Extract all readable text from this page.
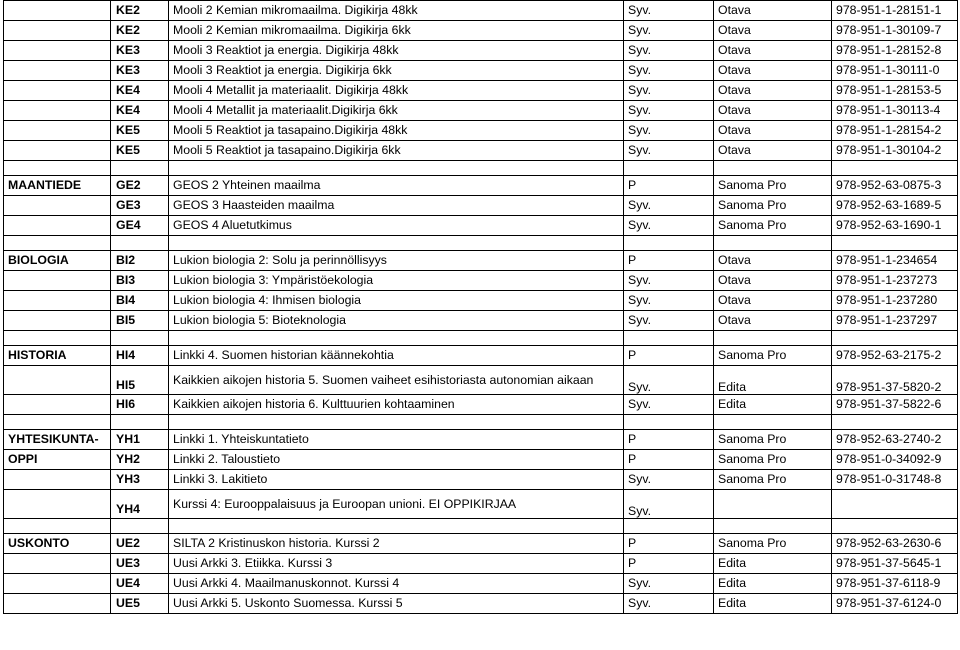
	KE2	Mooli 2 Kemian mikromaailma. Digikirja 48kk	Syv.	Otava	978-951-1-28151-1
	KE2	Mooli 2 Kemian mikromaailma. Digikirja 6kk	Syv.	Otava	978-951-1-30109-7
	KE3	Mooli 3 Reaktiot ja energia. Digikirja 48kk	Syv.	Otava	978-951-1-28152-8
	KE3	Mooli 3 Reaktiot ja energia. Digikirja 6kk	Syv.	Otava	978-951-1-30111-0
	KE4	Mooli 4 Metallit ja materiaalit. Digikirja 48kk	Syv.	Otava	978-951-1-28153-5
	KE4	Mooli 4 Metallit ja materiaalit.Digikirja 6kk	Syv.	Otava	978-951-1-30113-4
	KE5	Mooli 5 Reaktiot ja tasapaino.Digikirja 48kk	Syv.	Otava	978-951-1-28154-2
	KE5	Mooli 5 Reaktiot ja tasapaino.Digikirja 6kk	Syv.	Otava	978-951-1-30104-2

MAANTIEDE	GE2	GEOS 2 Yhteinen maailma	P	Sanoma Pro	978-952-63-0875-3
	GE3	GEOS 3 Haasteiden maailma	Syv.	Sanoma Pro	978-952-63-1689-5
	GE4	GEOS 4 Aluetutkimus	Syv.	Sanoma Pro	978-952-63-1690-1

BIOLOGIA	BI2	Lukion biologia 2: Solu ja perinnöllisyys	P	Otava	978-951-1-234654
	BI3	Lukion biologia 3: Ympäristöekologia	Syv.	Otava	978-951-1-237273
	BI4	Lukion biologia 4: Ihmisen biologia	Syv.	Otava	978-951-1-237280
	BI5	Lukion biologia 5: Bioteknologia	Syv.	Otava	978-951-1-237297

HISTORIA	HI4	Linkki 4. Suomen historian käännekohtia	P	Sanoma Pro	978-952-63-2175-2
	HI5	Kaikkien aikojen historia 5. Suomen vaiheet esihistoriasta autonomian aikaan	Syv.	Edita	978-951-37-5820-2
	HI6	Kaikkien aikojen historia 6. Kulttuurien kohtaaminen	Syv.	Edita	978-951-37-5822-6

YHTESIKUNTA-	YH1	Linkki 1. Yhteiskuntatieto	P	Sanoma Pro	978-952-63-2740-2
OPPI	YH2	Linkki 2. Taloustieto	P	Sanoma Pro	978-951-0-34092-9
	YH3	Linkki 3. Lakitieto	Syv.	Sanoma Pro	978-951-0-31748-8
	YH4	Kurssi 4: Eurooppalaisuus ja Euroopan unioni. EI OPPIKIRJAA	Syv.		

USKONTO	UE2	SILTA 2 Kristinuskon historia. Kurssi 2	P	Sanoma Pro	978-952-63-2630-6
	UE3	Uusi Arkki 3. Etiikka. Kurssi 3	P	Edita	978-951-37-5645-1
	UE4	Uusi Arkki 4. Maailmanuskonnot. Kurssi 4	Syv.	Edita	978-951-37-6118-9
	UE5	Uusi Arkki 5. Uskonto Suomessa. Kurssi 5	Syv.	Edita	978-951-37-6124-0
